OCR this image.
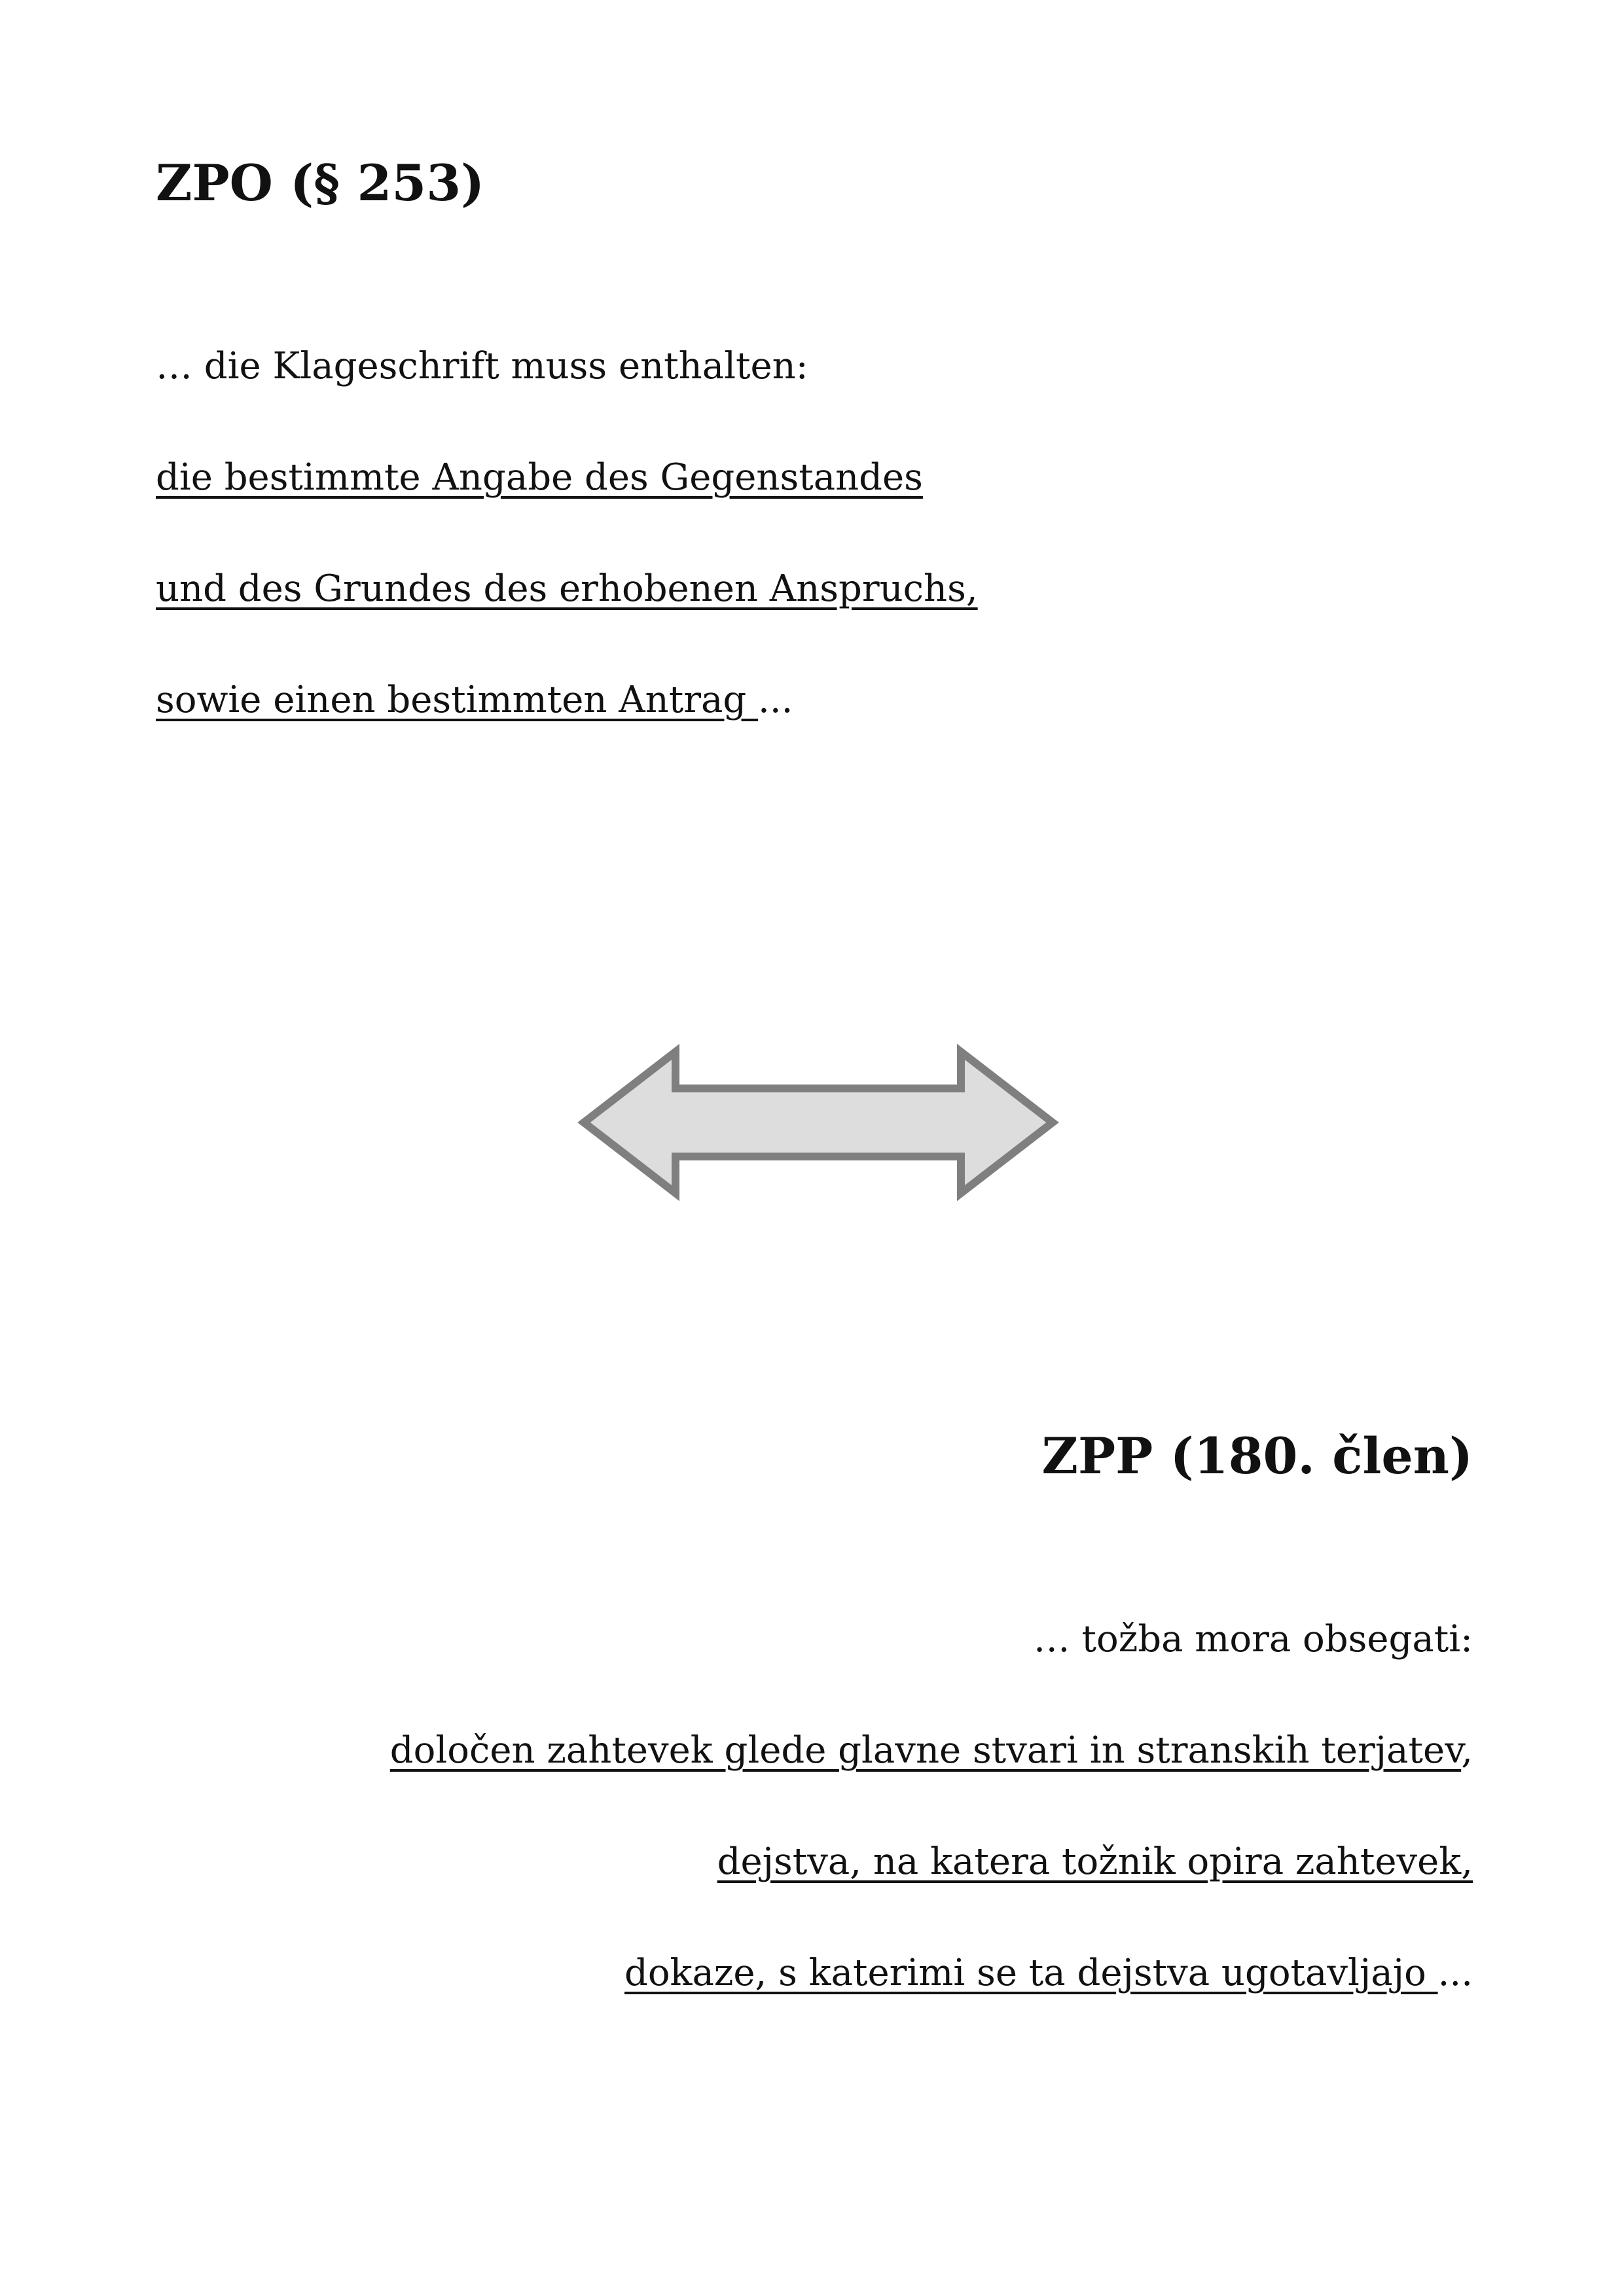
ZPO (§ 253)

… die Klageschrift muss enthalten:

die bestimmte Angabe des Gegenstandes

und des Grundes des erhobenen Anspruchs,

sowie einen bestimmten Antrag ...

ZPP (180. člen)

… tožba mora obsegati:

določen zahtevek glede glavne stvari in stranskih terjatev,

dejstva, na katera tožnik opira zahtevek,

dokaze, s katerimi se ta dejstva ugotavljajo ...
